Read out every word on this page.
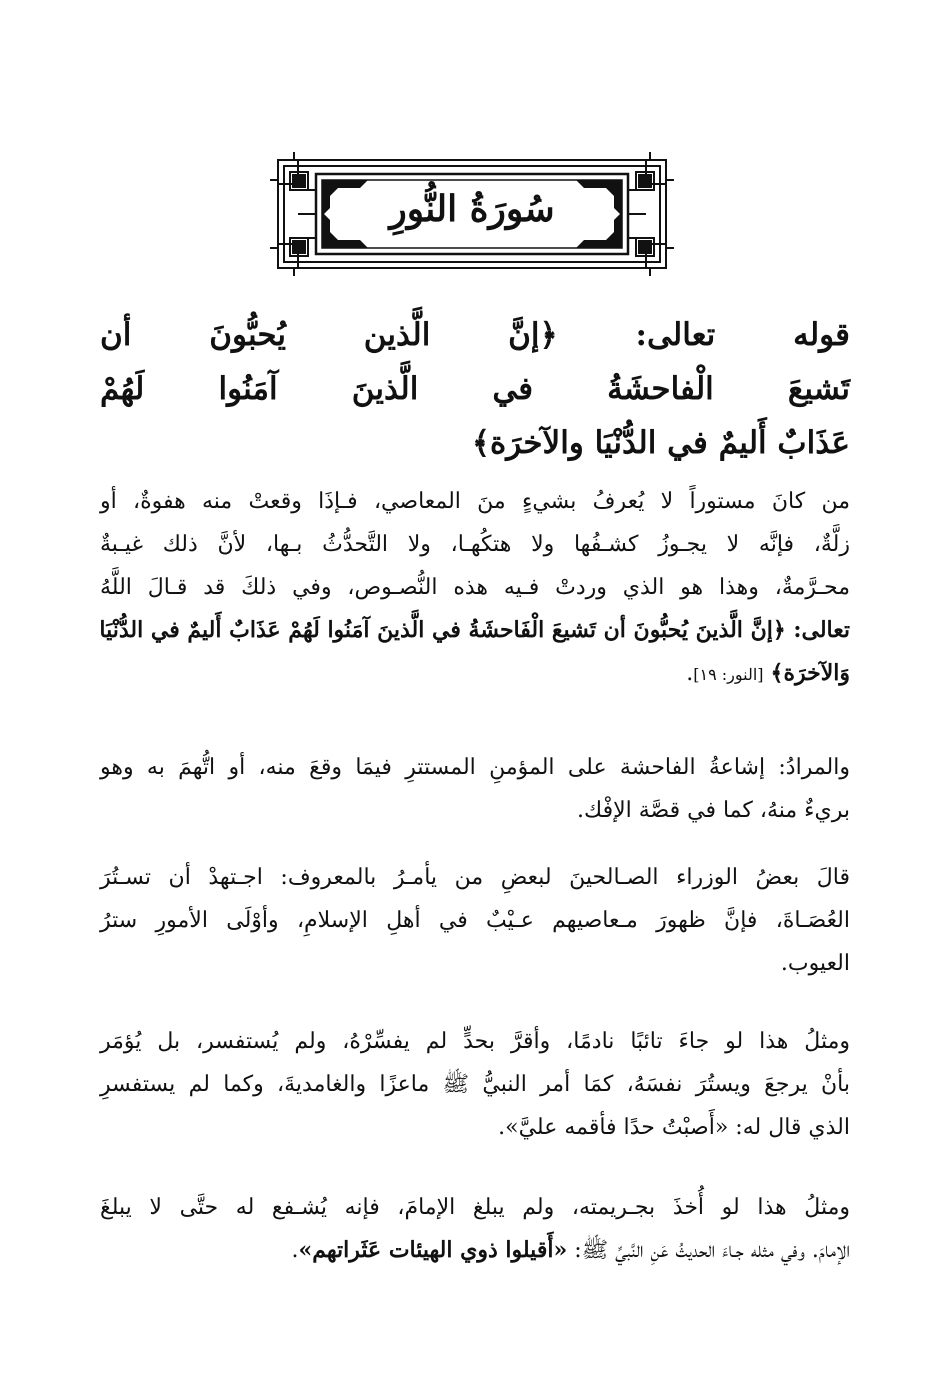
سُورَةُ النُّورِ
قوله تعالى: ﴿إنَّ الَّذين يُحبُّونَ أن
تَشيعَ الْفاحشَةُ في الَّذينَ آمَنُوا لَهُمْ
عَذَابٌ أَليمٌ في الدُّنْيَا والآخرَة﴾
من كانَ مستوراً لا يُعرفُ بشيءٍ منَ المعاصي، فـإذَا وقعتْ منه هفوةٌ، أو
زلَّةٌ، فإنَّه لا يجـوزُ كشـفُها ولا هتكُهـا، ولا التَّحدُّثُ بـها، لأنَّ ذلك غيـبةٌ
محـرَّمةٌ، وهذا هو الذي وردتْ فـيه هذه النُّصـوص، وفي ذلكَ قد قـالَ اللَّهُ
تعالى: ﴿إنَّ الَّذينَ يُحبُّونَ أن تَشيعَ الْفَاحشَةُ في الَّذينَ آمَنُوا لَهُمْ عَذَابٌ أَليمٌ في الدُّنْيَا
وَالآخرَة﴾ [النور: ١٩].
والمرادُ: إشاعةُ الفاحشة على المؤمنِ المستترِ فيمَا وقعَ منه، أو اتُّهمَ به وهو
بريءٌ منهُ، كما في قصَّة الإفْك.
قالَ بعضُ الوزراء الصـالحينَ لبعضِ من يأمـرُ بالمعروف: اجـتهدْ أن تسـتُرَ
العُصَـاةَ، فإنَّ ظهورَ مـعاصيهم عـيْبٌ في أهلِ الإسلامِ، وأوْلَى الأمورِ سترُ
العيوب.
ومثلُ هذا لو جاءَ تائبًا نادمًا، وأقرَّ بحدٍّ لم يفسِّرْهُ، ولم يُستفسر، بل يُؤمَر
بأنْ يرجعَ ويستُرَ نفسَهُ، كمَا أمر النبيُّ ﷺ ماعزًا والغامديةَ، وكما لم يستفسرِ
الذي قال له: «أَصبْتُ حدًا فأقمه عليَّ».
ومثلُ هذا لو أُخذَ بجـريمته، ولم يبلغ الإمامَ، فإنه يُشـفع له حتَّى لا يبلغَ
الإمامَ. وفي مثله جـاءَ الحديثُ عَنِ النَّبيِّ ﷺ: «أَقيلوا ذوي الهيئات عَثَراتهم».
